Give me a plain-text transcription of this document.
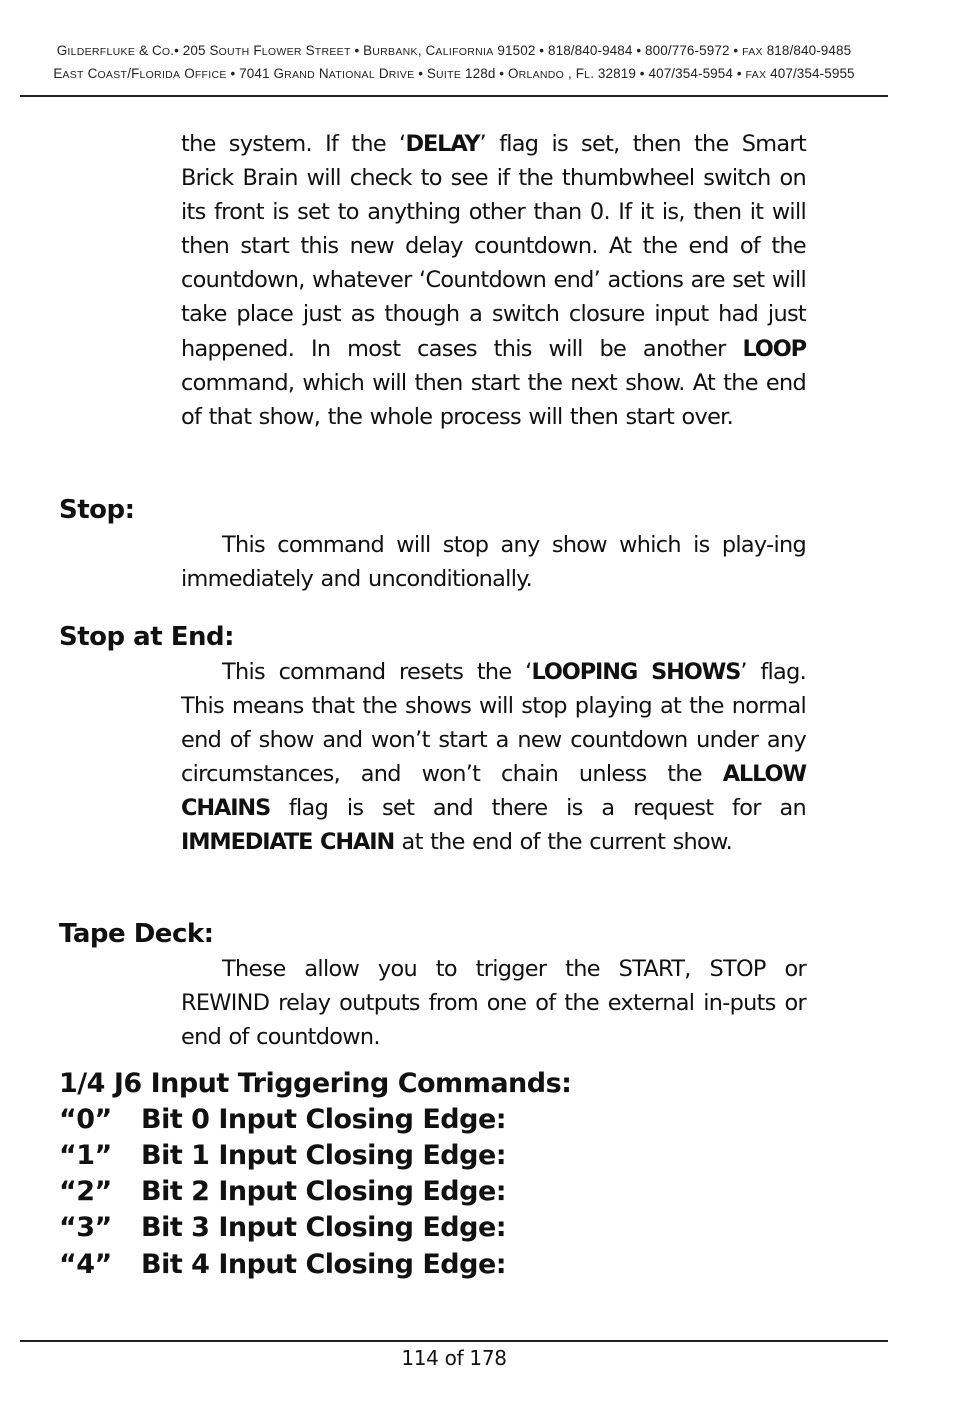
GILDERFLUKE & CO.• 205 SOUTH FLOWER STREET • BURBANK, CALIFORNIA 91502 • 818/840-9484 • 800/776-5972 • FAX 818/840-9485
EAST COAST/FLORIDA OFFICE • 7041 GRAND NATIONAL DRIVE • SUITE 128d • ORLANDO , FL. 32819 • 407/354-5954 • FAX 407/354-5955
the system. If the ‘DELAY’ flag is set, then the Smart Brick Brain will check to see if the thumbwheel switch on its front is set to anything other than 0. If it is, then it will then start this new delay countdown. At the end of the countdown, whatever ‘Countdown end’ actions are set will take place just as though a switch closure input had just happened. In most cases this will be another LOOP command, which will then start the next show. At the end of that show, the whole process will then start over.
Stop:
This command will stop any show which is play-ing immediately and unconditionally.
Stop at End:
This command resets the ‘LOOPING SHOWS’ flag. This means that the shows will stop playing at the normal end of show and won’t start a new countdown under any circumstances, and won’t chain unless the ALLOW CHAINS flag is set and there is a request for an IMMEDIATE CHAIN at the end of the current show.
Tape Deck:
These allow you to trigger the START, STOP or REWIND relay outputs from one of the external in-puts or end of countdown.
1/4 J6 Input Triggering Commands:
“0” Bit 0 Input Closing Edge:
“1” Bit 1 Input Closing Edge:
“2” Bit 2 Input Closing Edge:
“3” Bit 3 Input Closing Edge:
“4” Bit 4 Input Closing Edge:
114 of 178
